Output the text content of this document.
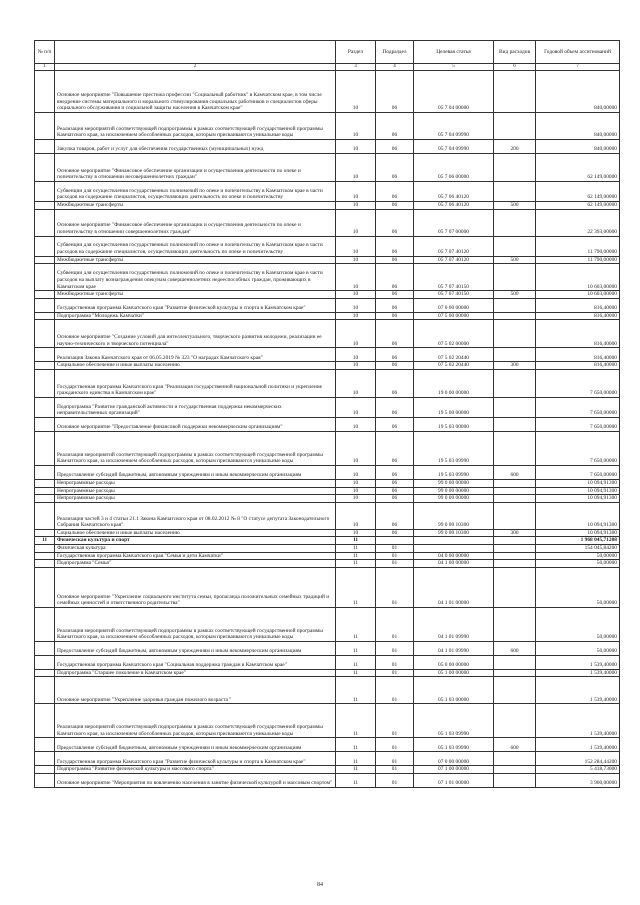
№ п/п		Раздел	Подраздел	Целевая статья	Вид расходов	Годовой объем ассигнований
1	2	3	4	5	6	7
	Основное мероприятие "Повышение престижа профессии "Социальный работник" в Камчатском крае, в том числе внедрение системы материального и морального стимулирования социальных работников и специалистов сферы социального обслуживания и социальной защиты населения в Камчатском крае"	10	06	05 7 04 00000		840,00000
	Реализация мероприятий соответствующей подпрограммы в рамках соответствующей государственной программы Камчатского края, за исключением обособленных расходов, которым присваиваются уникальные коды	10	06	05 7 04 09990		840,00000
	Закупка товаров, работ и услуг для обеспечения государственных (муниципальных) нужд	10	06	05 7 04 09990	200	840,00000
	Основное мероприятие "Финансовое обеспечение организации и осуществления деятельности по опеке и попечительству в отношении несовершеннолетних граждан"	10	06	05 7 06 00000		62 149,00000
	Субвенции для осуществления государственных полномочий по опеке и попечительству в Камчатском крае в части расходов на содержание специалистов, осуществляющих деятельность по опеке и попечительству	10	06	05 7 06 40120		62 149,00000
	Межбюджетные трансферты	10	06	05 7 06 40120	500	62 149,00000
	Основное мероприятие "Финансовое обеспечение организации и осуществления деятельности по опеке и попечительству в отношении совершеннолетних граждан"	10	06	05 7 07 00000		22 393,00000
	Субвенции для осуществления государственных полномочий по опеке и попечительству в Камчатском крае в части расходов на содержание специалистов, осуществляющих деятельность по опеке и попечительству	10	06	05 7 07 40120		11 790,00000
	Межбюджетные трансферты	10	06	05 7 07 40120	500	11 790,00000
	Субвенции для осуществления государственных полномочий по опеке и попечительству в Камчатском крае в части расходов на выплату вознаграждения опекунам совершеннолетних недееспособных граждан, проживающих в Камчатском крае	10	06	05 7 07 40150		10 603,00000
	Межбюджетные трансферты	10	06	05 7 07 40150	500	10 603,00000
	Государственная программа Камчатского края "Развитие физической культуры и спорта в Камчатском крае"	10	06	07 0 00 00000		816,40000
	Подпрограмма "Молодежь Камчатки"	10	06	07 5 00 00000		816,40000
	Основное мероприятие "Создание условий для интеллектуального, творческого развития молодежи, реализации ее научно-технического и творческого потенциала"	10	06	07 5 02 00000		816,40000
	Реализация Закона Камчатского края от 06.05.2019 № 323 "О наградах Камчатского края"	10	06	07 5 02 20440		816,40000
	Социальное обеспечение и иные выплаты населению	10	06	07 5 02 20440	300	816,40000
	Государственная программа Камчатского края "Реализация государственной национальной политики и укрепление гражданского единства в Камчатском крае"	10	06	19 0 00 00000		7 650,00000
	Подпрограмма "Развитие гражданской активности и государственная поддержка некоммерческих неправительственных организаций"	10	06	19 5 00 00000		7 650,00000
	Основное мероприятие "Предоставление финансовой поддержки некоммерческим организациям"	10	06	19 5 03 00000		7 650,00000
	Реализация мероприятий соответствующей подпрограммы в рамках соответствующей государственной программы Камчатского края, за исключением обособленных расходов, которым присваиваются уникальные коды	10	06	19 5 03 09990		7 650,00000
	Предоставление субсидий бюджетным, автономным учреждениям и иным некоммерческим организациям	10	06	19 5 03 09990	600	7 650,00000
	Непрограммные расходы	10	06	99 0 00 00000		10 094,91300
	Непрограммные расходы	10	06	99 0 00 00000		10 094,91300
	Непрограммные расходы	10	06	99 0 00 00000		10 094,91300
	Реализация частей 3 и 4 статьи 21.1 Закона Камчатского края от 08.02.2012 № 8 "О статусе депутата Законодательного Собрания Камчатского края"	10	06	99 0 00 10300		10 094,91300
	Социальное обеспечение и иные выплаты населению	10	06	99 0 00 10300	300	10 094,91300
11	Физическая культура и спорт	11				1 968 045,71208
	Физическая культура	11	01			154 045,84200
	Государственная программа Камчатского края "Семья и дети Камчатки"	11	01	04 0 00 00000		50,00000
	Подпрограмма "Семья"	11	01	04 1 00 00000		50,00000
	Основное мероприятие "Укрепление социального института семьи, пропаганда положительных семейных традиций и семейных ценностей и ответственного родительства"	11	01	04 1 01 00000		50,00000
	Реализация мероприятий соответствующей подпрограммы в рамках соответствующей государственной программы Камчатского края, за исключением обособленных расходов, которым присваиваются уникальные коды	11	01	04 1 01 09990		50,00000
	Предоставление субсидий бюджетным, автономным учреждениям и иным некоммерческим организациям	11	01	04 1 01 09990	600	50,00000
	Государственная программа Камчатского края "Социальная поддержка граждан в Камчатском крае"	11	01	05 0 00 00000		1 539,40000
	Подпрограмма "Старшее поколение в Камчатском крае"	11	01	05 1 00 00000		1 539,40000
	Основное мероприятие "Укрепление здоровья граждан пожилого возраста "	11	01	05 1 03 00000		1 539,40000
	Реализация мероприятий соответствующей подпрограммы в рамках соответствующей государственной программы Камчатского края, за исключением обособленных расходов, которым присваиваются уникальные коды	11	01	05 1 03 09990		1 539,40000
	Предоставление субсидий бюджетным, автономным учреждениям и иным некоммерческим организациям	11	01	05 1 03 09990	600	1 539,40000
	Государственная программа Камчатского края "Развитие физической культуры и спорта в Камчатском крае"	11	01	07 0 00 00000		152 284,44200
	Подпрограмма "Развитие физической культуры и массового спорта"	11	01	07 1 00 00000		5 418,73000
	Основное мероприятие "Мероприятия по вовлечению населения в занятие физической культурой и массовым спортом"	11	01	07 1 01 00000		3 900,00000
84
